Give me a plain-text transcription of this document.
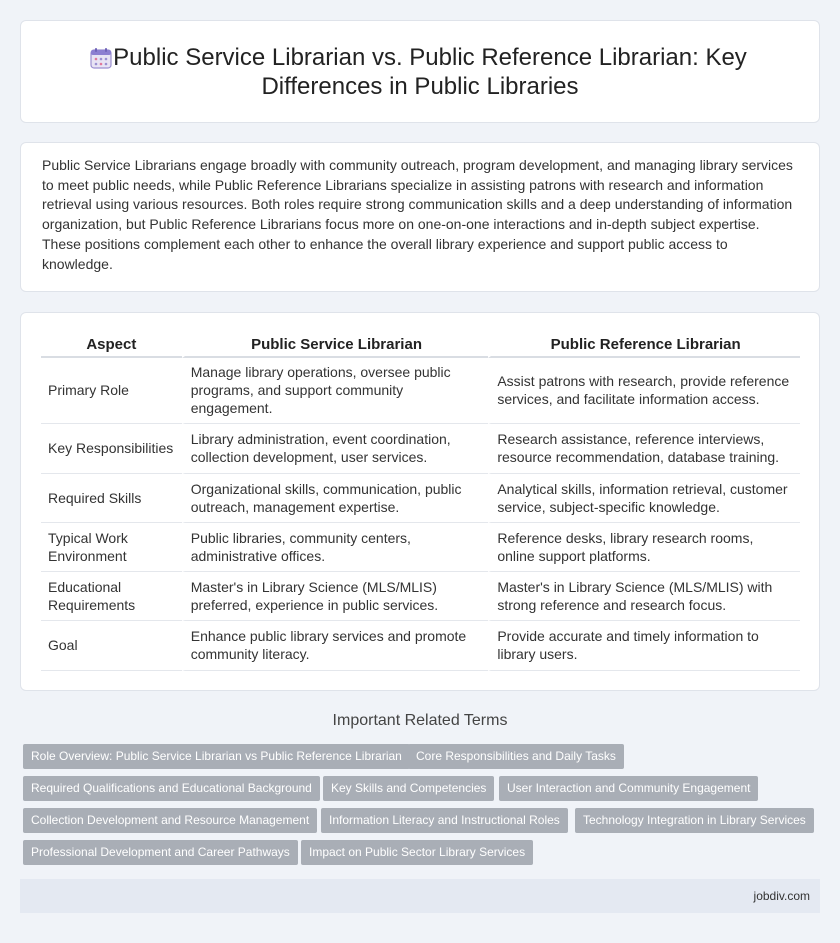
Public Service Librarian vs. Public Reference Librarian: Key
Differences in Public Libraries

Public Service Librarians engage broadly with community outreach, program development, and managing library services to meet public needs, while Public Reference Librarians specialize in assisting patrons with research and information retrieval using various resources. Both roles require strong communication skills and a deep understanding of information organization, but Public Reference Librarians focus more on one-on-one interactions and in-depth subject expertise. These positions complement each other to enhance the overall library experience and support public access to knowledge.

Aspect	Public Service Librarian	Public Reference Librarian
Primary Role	Manage library operations, oversee public programs, and support community engagement.	Assist patrons with research, provide reference services, and facilitate information access.
Key Responsibilities	Library administration, event coordination, collection development, user services.	Research assistance, reference interviews, resource recommendation, database training.
Required Skills	Organizational skills, communication, public outreach, management expertise.	Analytical skills, information retrieval, customer service, subject-specific knowledge.
Typical Work Environment	Public libraries, community centers, administrative offices.	Reference desks, library research rooms, online support platforms.
Educational Requirements	Master's in Library Science (MLS/MLIS) preferred, experience in public services.	Master's in Library Science (MLS/MLIS) with strong reference and research focus.
Goal	Enhance public library services and promote community literacy.	Provide accurate and timely information to library users.
Important Related Terms
Role Overview: Public Service Librarian vs Public Reference Librarian	Core Responsibilities and Daily Tasks
Required Qualifications and Educational Background	Key Skills and Competencies	User Interaction and Community Engagement
Collection Development and Resource Management	Information Literacy and Instructional Roles	Technology Integration in Library Services
Professional Development and Career Pathways	Impact on Public Sector Library Services
jobdiv.com
